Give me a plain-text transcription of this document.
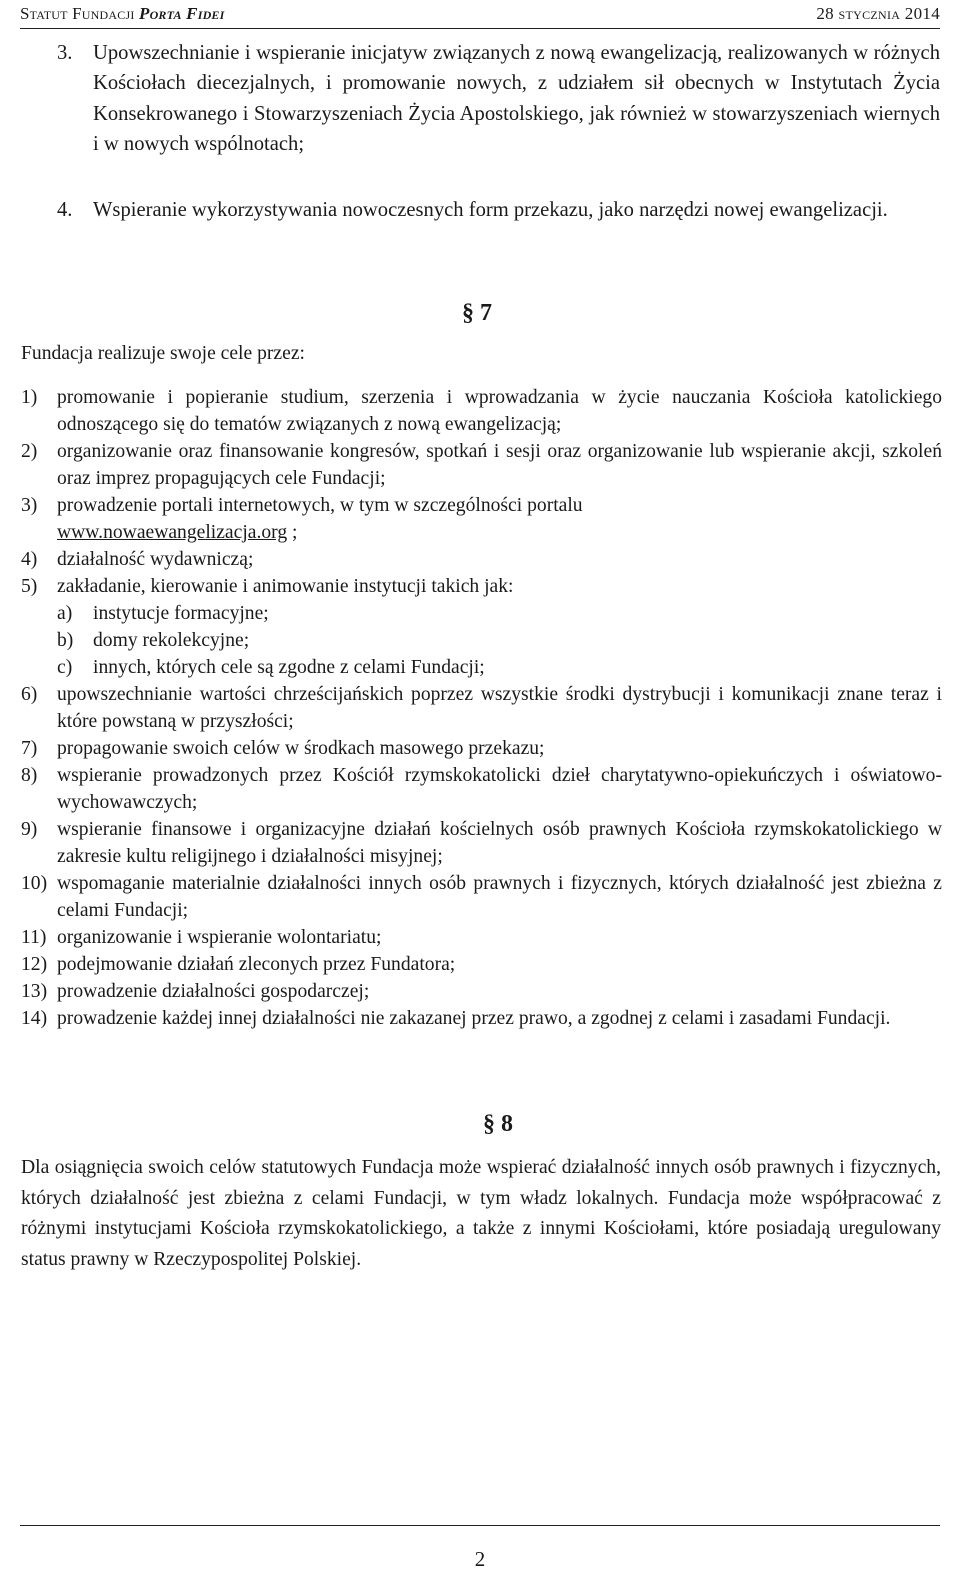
Statut Fundacji Porta Fidei	28 stycznia 2014
3. Upowszechnianie i wspieranie inicjatyw związanych z nową ewangelizacją, realizowanych w różnych Kościołach diecezjalnych, i promowanie nowych, z udziałem sił obecnych w Instytutach Życia Konsekrowanego i Stowarzyszeniach Życia Apostolskiego, jak również w stowarzyszeniach wiernych i w nowych wspólnotach;
4. Wspieranie wykorzystywania nowoczesnych form przekazu, jako narzędzi nowej ewangelizacji.
§ 7
Fundacja realizuje swoje cele przez:
1)	promowanie i popieranie studium, szerzenia i wprowadzania w życie nauczania Kościoła katolickiego odnoszącego się do tematów związanych z nową ewangelizacją;
2)	organizowanie oraz finansowanie kongresów, spotkań i sesji oraz organizowanie lub wspieranie akcji, szkoleń oraz imprez propagujących cele Fundacji;
3)	prowadzenie portali internetowych, w tym w szczególności portalu
www.nowaewangelizacja.org ;
4)	działalność wydawniczą;
5)	zakładanie, kierowanie i animowanie instytucji takich jak:
a)	instytucje formacyjne;
b)	domy rekolekcyjne;
c)	innych, których cele są zgodne z celami Fundacji;
6)	upowszechnianie wartości chrześcijańskich poprzez wszystkie środki dystrybucji i komunikacji znane teraz i które powstaną w przyszłości;
7)	propagowanie swoich celów w środkach masowego przekazu;
8)	wspieranie prowadzonych przez Kościół rzymskokatolicki dzieł charytatywno-opiekuńczych i oświatowo-wychowawczych;
9)	wspieranie finansowe i organizacyjne działań kościelnych osób prawnych Kościoła rzymskokatolickiego w zakresie kultu religijnego i działalności misyjnej;
10) wspomaganie materialnie działalności innych osób prawnych i fizycznych, których działalność jest zbieżna z celami Fundacji;
11) organizowanie i wspieranie wolontariatu;
12) podejmowanie działań zleconych przez Fundatora;
13) prowadzenie działalności gospodarczej;
14) prowadzenie każdej innej działalności nie zakazanej przez prawo, a zgodnej z celami i zasadami Fundacji.
§ 8
Dla osiągnięcia swoich celów statutowych Fundacja może wspierać działalność innych osób prawnych i fizycznych, których działalność jest zbieżna z celami Fundacji, w tym władz lokalnych. Fundacja może współpracować z różnymi instytucjami Kościoła rzymskokatolickiego, a także z innymi Kościołami, które posiadają uregulowany status prawny w Rzeczypospolitej Polskiej.
2
